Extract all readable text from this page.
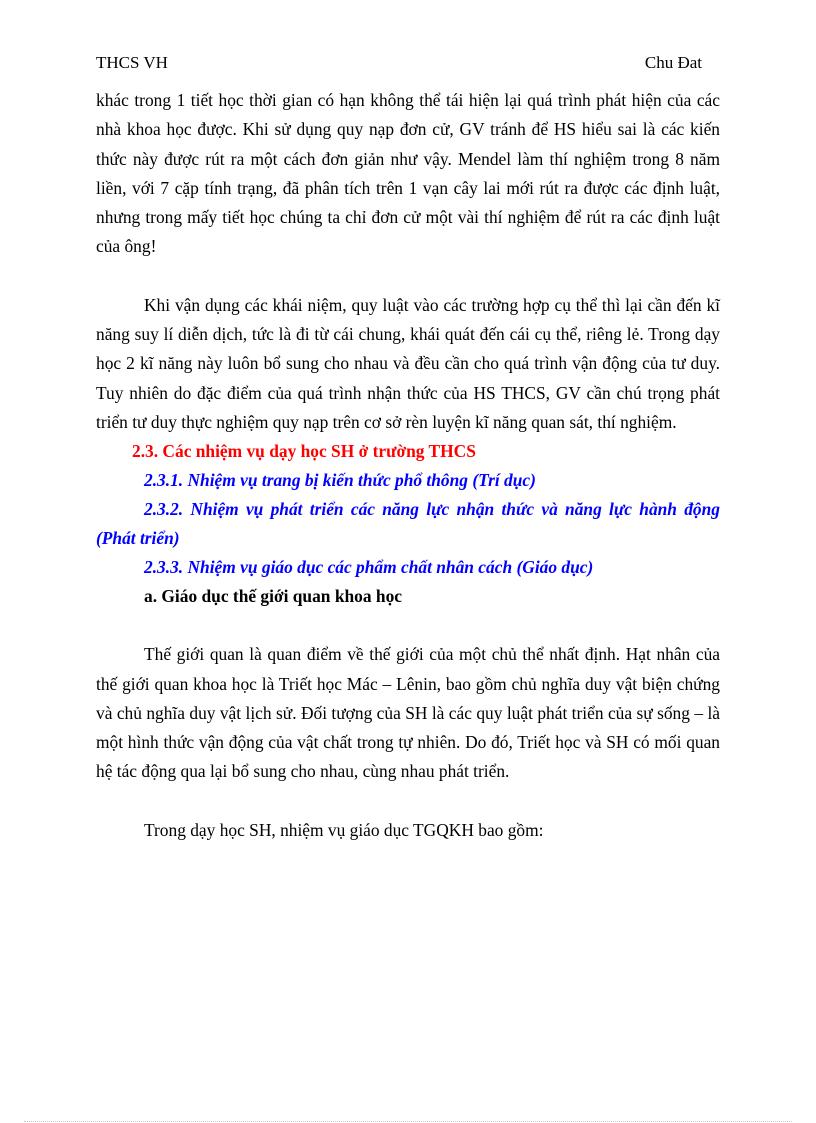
THCS VH	Chu Đat

khác trong 1 tiết học thời gian có hạn không thể tái hiện lại quá trình phát hiện của các nhà khoa học được. Khi sử dụng quy nạp đơn cử, GV tránh để HS hiểu sai là các kiến thức này được rút ra một cách đơn giản như vậy. Mendel làm thí nghiệm trong 8 năm liền, với 7 cặp tính trạng, đã phân tích trên 1 vạn cây lai mới rút ra được các định luật, nhưng trong mấy tiết học chúng ta chỉ đơn cử một vài thí nghiệm để rút ra các định luật của ông!

Khi vận dụng các khái niệm, quy luật vào các trường hợp cụ thể thì lại cần đến kĩ năng suy lí diễn dịch, tức là đi từ cái chung, khái quát đến cái cụ thể, riêng lẻ. Trong dạy học 2 kĩ năng này luôn bổ sung cho nhau và đều cần cho quá trình vận động của tư duy. Tuy nhiên do đặc điểm của quá trình nhận thức của HS THCS, GV cần chú trọng phát triển tư duy thực nghiệm quy nạp trên cơ sở rèn luyện kĩ năng quan sát, thí nghiệm.

2.3. Các nhiệm vụ dạy học SH ở trường THCS

2.3.1. Nhiệm vụ trang bị kiến thức phổ thông (Trí dục)

2.3.2. Nhiệm vụ phát triển các năng lực nhận thức và năng lực hành động (Phát triển)

2.3.3. Nhiệm vụ giáo dục các phẩm chất nhân cách (Giáo dục)

a. Giáo dục thế giới quan khoa học

Thế giới quan là quan điểm về thế giới của một chủ thể nhất định. Hạt nhân của thế giới quan khoa học là Triết học Mác – Lênin, bao gồm chủ nghĩa duy vật biện chứng và chủ nghĩa duy vật lịch sử. Đối tượng của SH là các quy luật phát triển của sự sống – là một hình thức vận động của vật chất trong tự nhiên. Do đó, Triết học và SH có mối quan hệ tác động qua lại bổ sung cho nhau, cùng nhau phát triển.

Trong dạy học SH, nhiệm vụ giáo dục TGQKH bao gồm:
